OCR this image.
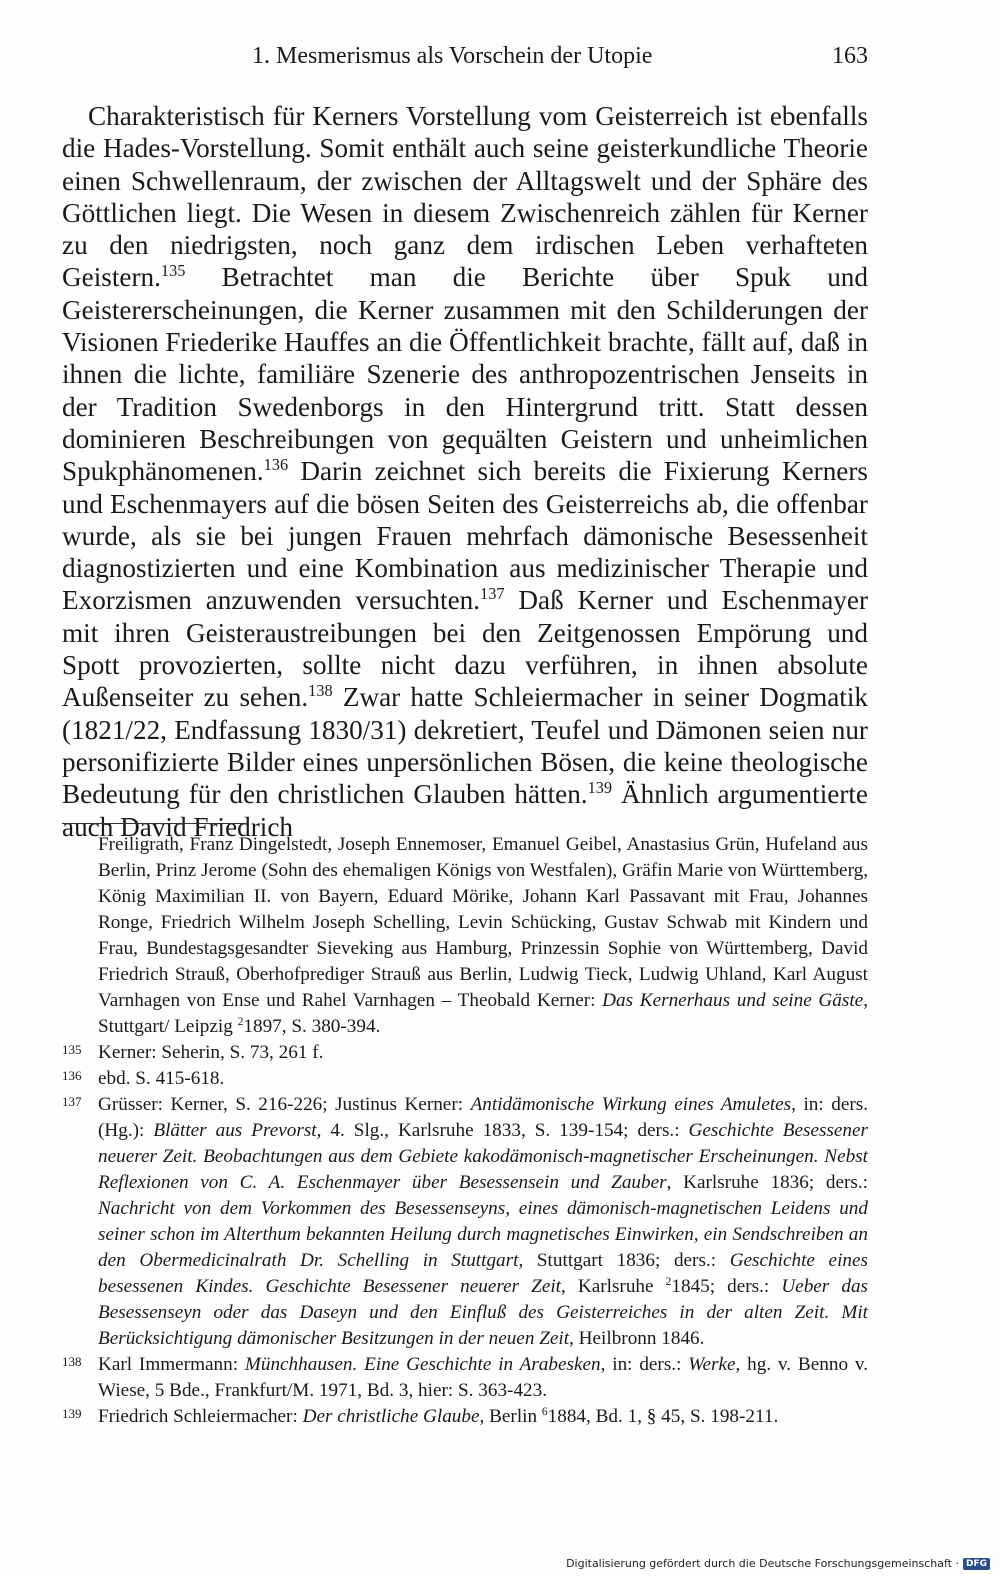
1. Mesmerismus als Vorschein der Utopie	163

Charakteristisch für Kerners Vorstellung vom Geisterreich ist ebenfalls die Hades-Vorstellung. Somit enthält auch seine geisterkundliche Theorie einen Schwellenraum, der zwischen der Alltagswelt und der Sphäre des Göttlichen liegt. Die Wesen in diesem Zwischenreich zählen für Kerner zu den niedrigsten, noch ganz dem irdischen Leben verhafteten Geistern.$^{135}$ Betrachtet man die Berichte über Spuk und Geistererscheinungen, die Kerner zusammen mit den Schilderungen der Visionen Friederike Hauffes an die Öffentlichkeit brachte, fällt auf, daß in ihnen die lichte, familiäre Szenerie des anthropozentrischen Jenseits in der Tradition Swedenborgs in den Hintergrund tritt. Statt dessen dominieren Beschreibungen von gequälten Geistern und unheimlichen Spukphänomenen.$^{136}$ Darin zeichnet sich bereits die Fixierung Kerners und Eschenmayers auf die bösen Seiten des Geisterreichs ab, die offenbar wurde, als sie bei jungen Frauen mehrfach dämonische Besessenheit diagnostizierten und eine Kombination aus medizinischer Therapie und Exorzismen anzuwenden versuchten.$^{137}$ Daß Kerner und Eschenmayer mit ihren Geisteraustreibungen bei den Zeitgenossen Empörung und Spott provozierten, sollte nicht dazu verführen, in ihnen absolute Außenseiter zu sehen.$^{138}$ Zwar hatte Schleiermacher in seiner Dogmatik (1821/22, Endfassung 1830/31) dekretiert, Teufel und Dämonen seien nur personifizierte Bilder eines unpersönlichen Bösen, die keine theologische Bedeutung für den christlichen Glauben hätten.$^{139}$ Ähnlich argumentierte auch David Friedrich

Freiligrath, Franz Dingelstedt, Joseph Ennemoser, Emanuel Geibel, Anastasius Grün, Hufeland aus Berlin, Prinz Jerome (Sohn des ehemaligen Königs von Westfalen), Gräfin Marie von Württemberg, König Maximilian II. von Bayern, Eduard Mörike, Johann Karl Passavant mit Frau, Johannes Ronge, Friedrich Wilhelm Joseph Schelling, Levin Schücking, Gustav Schwab mit Kindern und Frau, Bundestagsgesandter Sieveking aus Hamburg, Prinzessin Sophie von Württemberg, David Friedrich Strauß, Oberhofprediger Strauß aus Berlin, Ludwig Tieck, Ludwig Uhland, Karl August Varnhagen von Ense und Rahel Varnhagen – Theobald Kerner: Das Kernerhaus und seine Gäste, Stuttgart/ Leipzig $^2$1897, S. 380-394.

135 Kerner: Seherin, S. 73, 261 f.

136 ebd. S. 415-618.

137 Grüsser: Kerner, S. 216-226; Justinus Kerner: Antidämonische Wirkung eines Amuletes, in: ders. (Hg.): Blätter aus Prevorst, 4. Slg., Karlsruhe 1833, S. 139-154; ders.: Geschichte Besessener neuerer Zeit. Beobachtungen aus dem Gebiete kakodämonisch-magnetischer Erscheinungen. Nebst Reflexionen von C. A. Eschenmayer über Besessensein und Zauber, Karlsruhe 1836; ders.: Nachricht von dem Vorkommen des Besessenseyns, eines dämonisch-magnetischen Leidens und seiner schon im Alterthum bekannten Heilung durch magnetisches Einwirken, ein Sendschreiben an den Obermedicinalrath Dr. Schelling in Stuttgart, Stuttgart 1836; ders.: Geschichte eines besessenen Kindes. Geschichte Besessener neuerer Zeit, Karlsruhe $^2$1845; ders.: Ueber das Besessenseyn oder das Daseyn und den Einfluß des Geisterreiches in der alten Zeit. Mit Berücksichtigung dämonischer Besitzungen in der neuen Zeit, Heilbronn 1846.

138 Karl Immermann: Münchhausen. Eine Geschichte in Arabesken, in: ders.: Werke, hg. v. Benno v. Wiese, 5 Bde., Frankfurt/M. 1971, Bd. 3, hier: S. 363-423.

139 Friedrich Schleiermacher: Der christliche Glaube, Berlin $^6$1884, Bd. 1, § 45, S. 198-211.

Digitalisierung gefördert durch die Deutsche Forschungsgemeinschaft · DFG
